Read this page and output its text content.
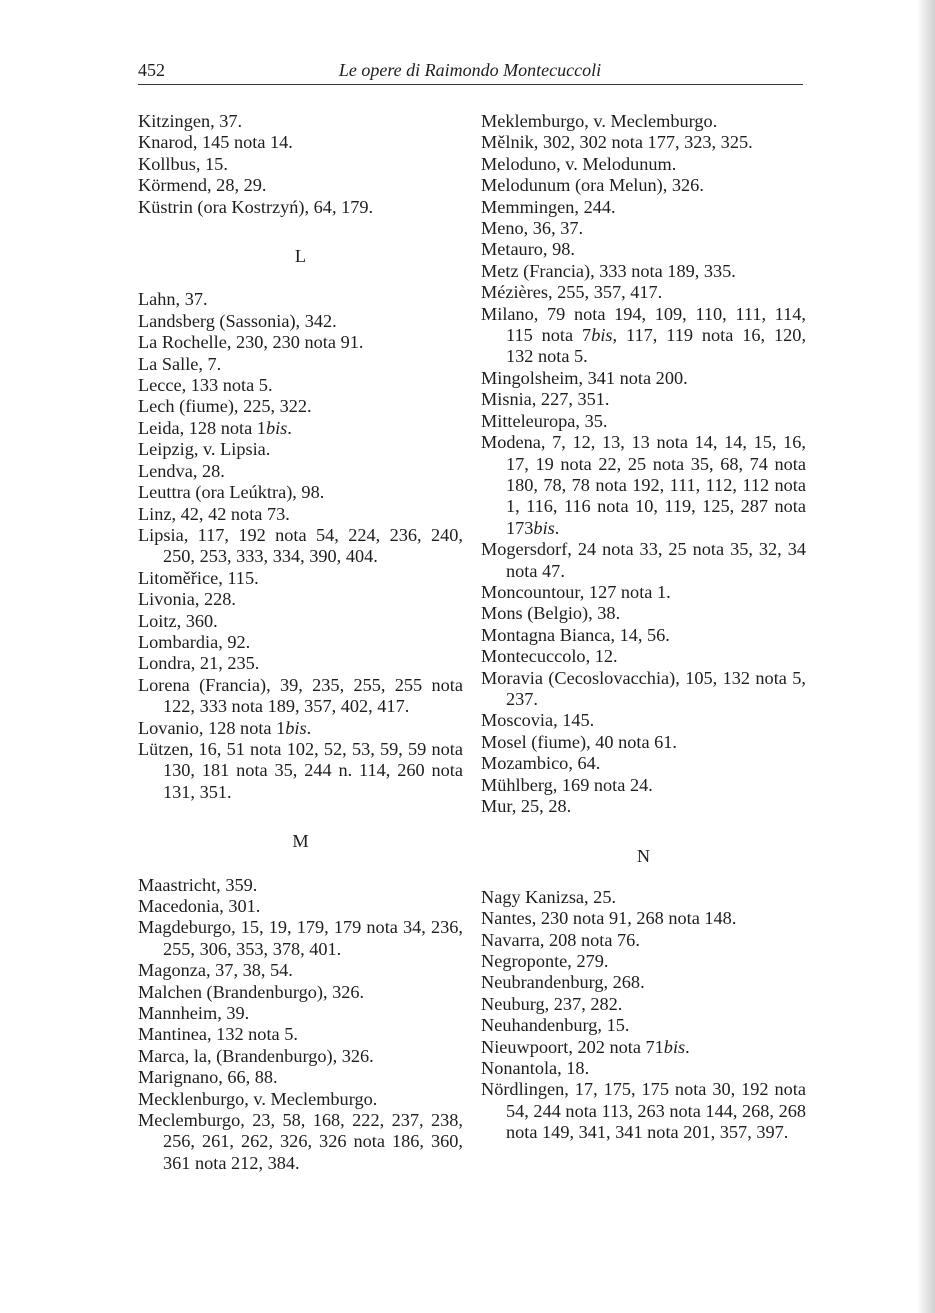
452	Le opere di Raimondo Montecuccoli
Kitzingen, 37.
Knarod, 145 nota 14.
Kollbus, 15.
Körmend, 28, 29.
Küstrin (ora Kostrzyń), 64, 179.
L
Lahn, 37.
Landsberg (Sassonia), 342.
La Rochelle, 230, 230 nota 91.
La Salle, 7.
Lecce, 133 nota 5.
Lech (fiume), 225, 322.
Leida, 128 nota 1bis.
Leipzig, v. Lipsia.
Lendva, 28.
Leuttra (ora Leúktra), 98.
Linz, 42, 42 nota 73.
Lipsia, 117, 192 nota 54, 224, 236, 240, 250, 253, 333, 334, 390, 404.
Litoměřice, 115.
Livonia, 228.
Loitz, 360.
Lombardia, 92.
Londra, 21, 235.
Lorena (Francia), 39, 235, 255, 255 nota 122, 333 nota 189, 357, 402, 417.
Lovanio, 128 nota 1bis.
Lützen, 16, 51 nota 102, 52, 53, 59, 59 nota 130, 181 nota 35, 244 n. 114, 260 nota 131, 351.
M
Maastricht, 359.
Macedonia, 301.
Magdeburgo, 15, 19, 179, 179 nota 34, 236, 255, 306, 353, 378, 401.
Magonza, 37, 38, 54.
Malchen (Brandenburgo), 326.
Mannheim, 39.
Mantinea, 132 nota 5.
Marca, la, (Brandenburgo), 326.
Marignano, 66, 88.
Mecklenburgo, v. Meclemburgo.
Meclemburgo, 23, 58, 168, 222, 237, 238, 256, 261, 262, 326, 326 nota 186, 360, 361 nota 212, 384.
Meklemburgo, v. Meclemburgo.
Mělnik, 302, 302 nota 177, 323, 325.
Meloduno, v. Melodunum.
Melodunum (ora Melun), 326.
Memmingen, 244.
Meno, 36, 37.
Metauro, 98.
Metz (Francia), 333 nota 189, 335.
Mézières, 255, 357, 417.
Milano, 79 nota 194, 109, 110, 111, 114, 115 nota 7bis, 117, 119 nota 16, 120, 132 nota 5.
Mingolsheim, 341 nota 200.
Misnia, 227, 351.
Mitteleuropa, 35.
Modena, 7, 12, 13, 13 nota 14, 14, 15, 16, 17, 19 nota 22, 25 nota 35, 68, 74 nota 180, 78, 78 nota 192, 111, 112, 112 nota 1, 116, 116 nota 10, 119, 125, 287 nota 173bis.
Mogersdorf, 24 nota 33, 25 nota 35, 32, 34 nota 47.
Moncountour, 127 nota 1.
Mons (Belgio), 38.
Montagna Bianca, 14, 56.
Montecuccolo, 12.
Moravia (Cecoslovacchia), 105, 132 nota 5, 237.
Moscovia, 145.
Mosel (fiume), 40 nota 61.
Mozambico, 64.
Mühlberg, 169 nota 24.
Mur, 25, 28.
N
Nagy Kanizsa, 25.
Nantes, 230 nota 91, 268 nota 148.
Navarra, 208 nota 76.
Negroponte, 279.
Neubrandenburg, 268.
Neuburg, 237, 282.
Neuhandenburg, 15.
Nieuwpoort, 202 nota 71bis.
Nonantola, 18.
Nördlingen, 17, 175, 175 nota 30, 192 nota 54, 244 nota 113, 263 nota 144, 268, 268 nota 149, 341, 341 nota 201, 357, 397.
